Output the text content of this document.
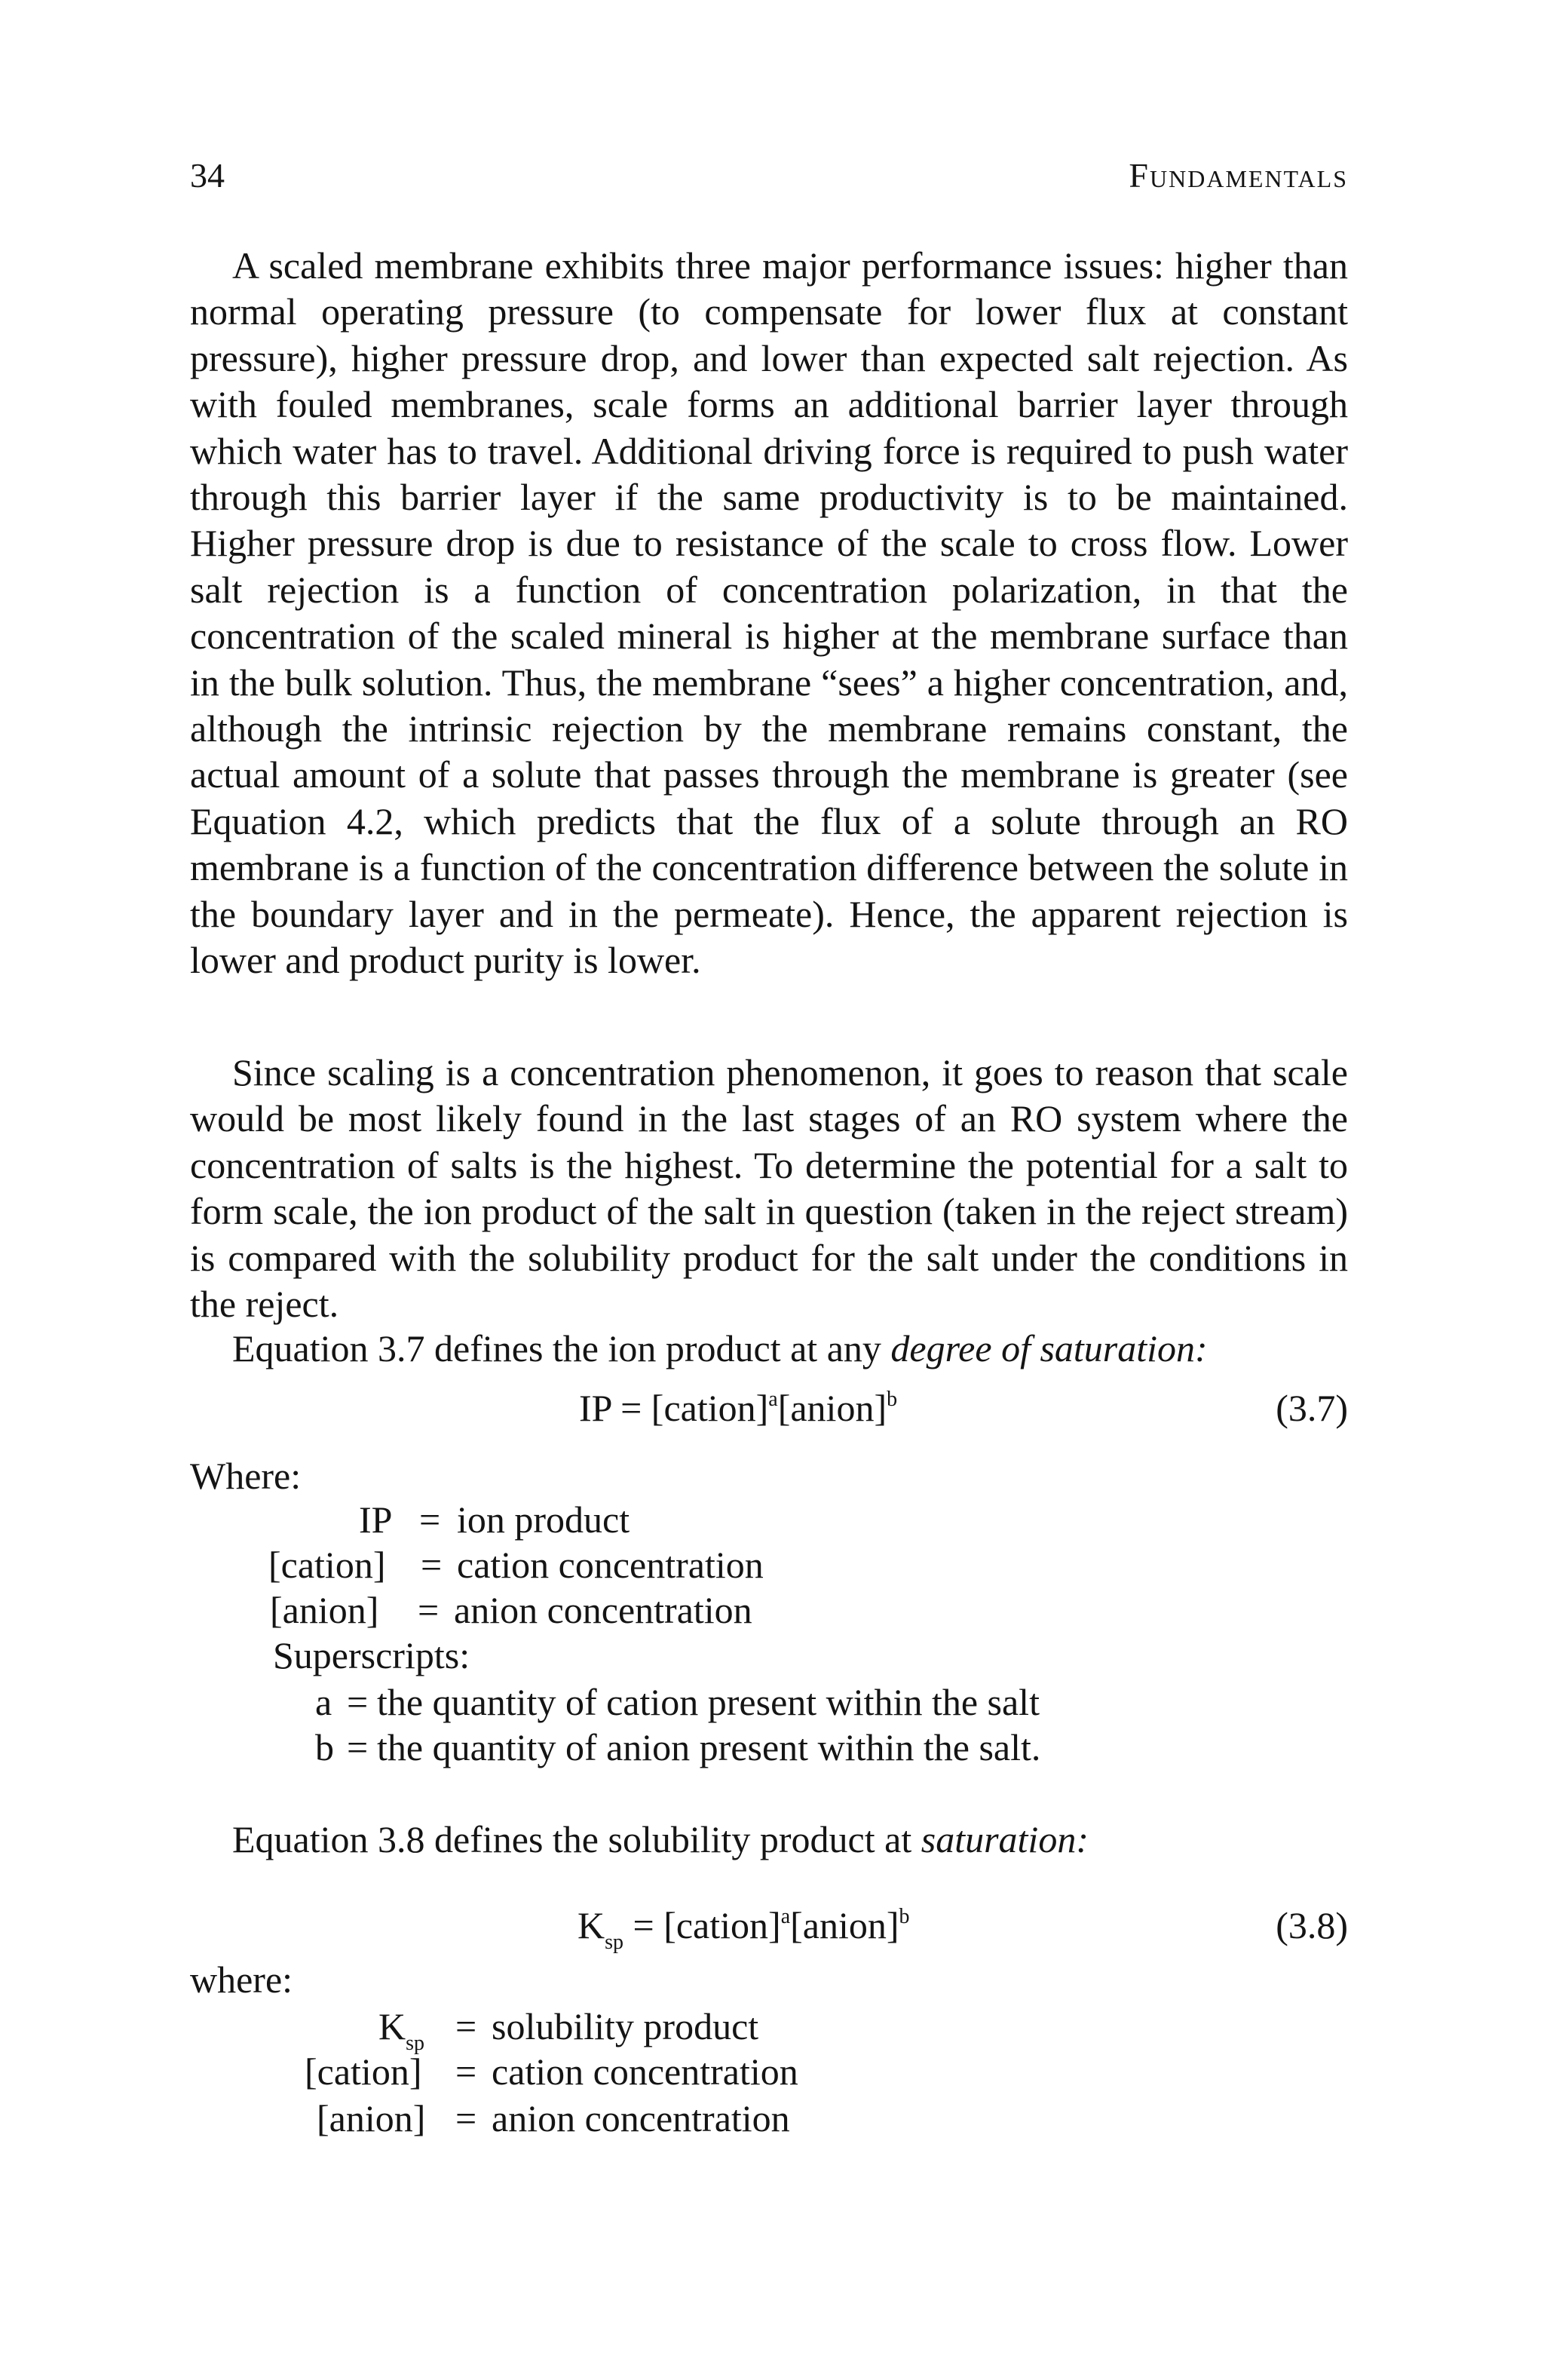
34	Fundamentals

A scaled membrane exhibits three major performance issues: higher than normal operating pressure (to compensate for lower flux at constant pressure), higher pressure drop, and lower than expected salt rejection. As with fouled membranes, scale forms an additional barrier layer through which water has to travel. Additional driving force is required to push water through this barrier layer if the same productivity is to be maintained. Higher pressure drop is due to resistance of the scale to cross flow. Lower salt rejection is a function of concentration polarization, in that the concentration of the scaled mineral is higher at the membrane surface than in the bulk solution. Thus, the membrane “sees” a higher concentration, and, although the intrinsic rejection by the membrane remains constant, the actual amount of a solute that passes through the membrane is greater (see Equation 4.2, which predicts that the flux of a solute through an RO membrane is a function of the concentration difference between the solute in the boundary layer and in the permeate). Hence, the apparent rejection is lower and product purity is lower.

Since scaling is a concentration phenomenon, it goes to reason that scale would be most likely found in the last stages of an RO system where the concentration of salts is the highest. To determine the potential for a salt to form scale, the ion product of the salt in question (taken in the reject stream) is compared with the solubility product for the salt under the conditions in the reject.

Equation 3.7 defines the ion product at any degree of saturation:

IP = [cation]$^a$[anion]$^b$	(3.7)
Where:
IP = ion product
[cation] = cation concentration
[anion] = anion concentration
Superscripts:
a = the quantity of cation present within the salt
b = the quantity of anion present within the salt.

Equation 3.8 defines the solubility product at saturation:

$K_{sp}$ = [cation]$^a$[anion]$^b$	(3.8)
where:
$K_{sp}$ = solubility product
[cation] = cation concentration
[anion] = anion concentration
